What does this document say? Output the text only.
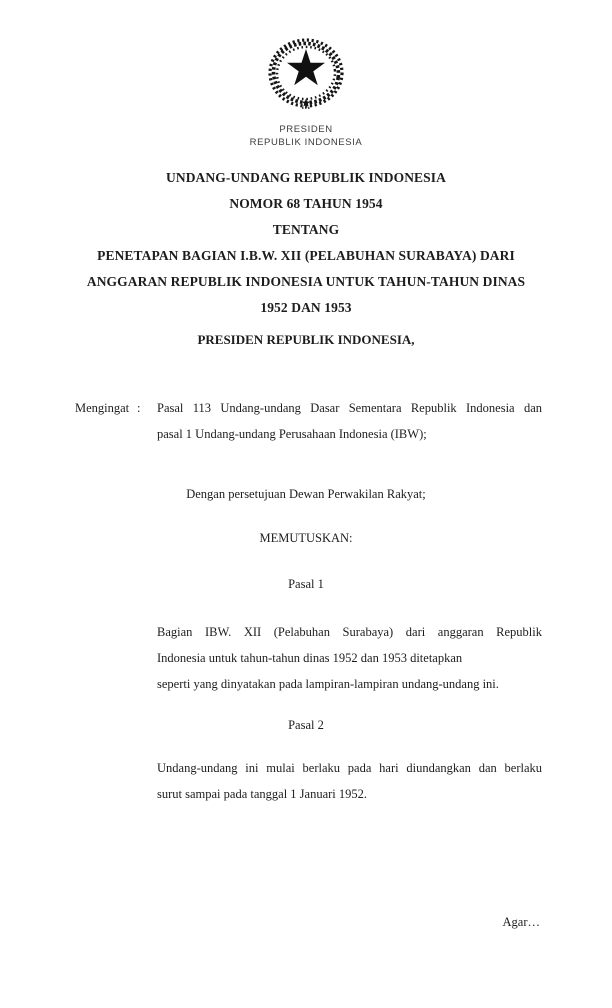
PRESIDEN
REPUBLIK INDONESIA
UNDANG-UNDANG REPUBLIK INDONESIA
NOMOR 68 TAHUN 1954
TENTANG
PENETAPAN BAGIAN I.B.W. XII (PELABUHAN SURABAYA) DARI
ANGGARAN REPUBLIK INDONESIA UNTUK TAHUN-TAHUN DINAS
1952 DAN 1953
PRESIDEN REPUBLIK INDONESIA,
Mengingat :	Pasal 113 Undang-undang Dasar Sementara Republik Indonesia dan
pasal 1 Undang-undang Perusahaan Indonesia (IBW);
Dengan persetujuan Dewan Perwakilan Rakyat;
MEMUTUSKAN:
Pasal 1
Bagian IBW. XII (Pelabuhan Surabaya) dari anggaran Republik
Indonesia untuk tahun-tahun dinas 1952 dan 1953 ditetapkan
seperti yang dinyatakan pada lampiran-lampiran undang-undang ini.
Pasal 2
Undang-undang ini mulai berlaku pada hari diundangkan dan berlaku
surut sampai pada tanggal 1 Januari 1952.
Agar…
